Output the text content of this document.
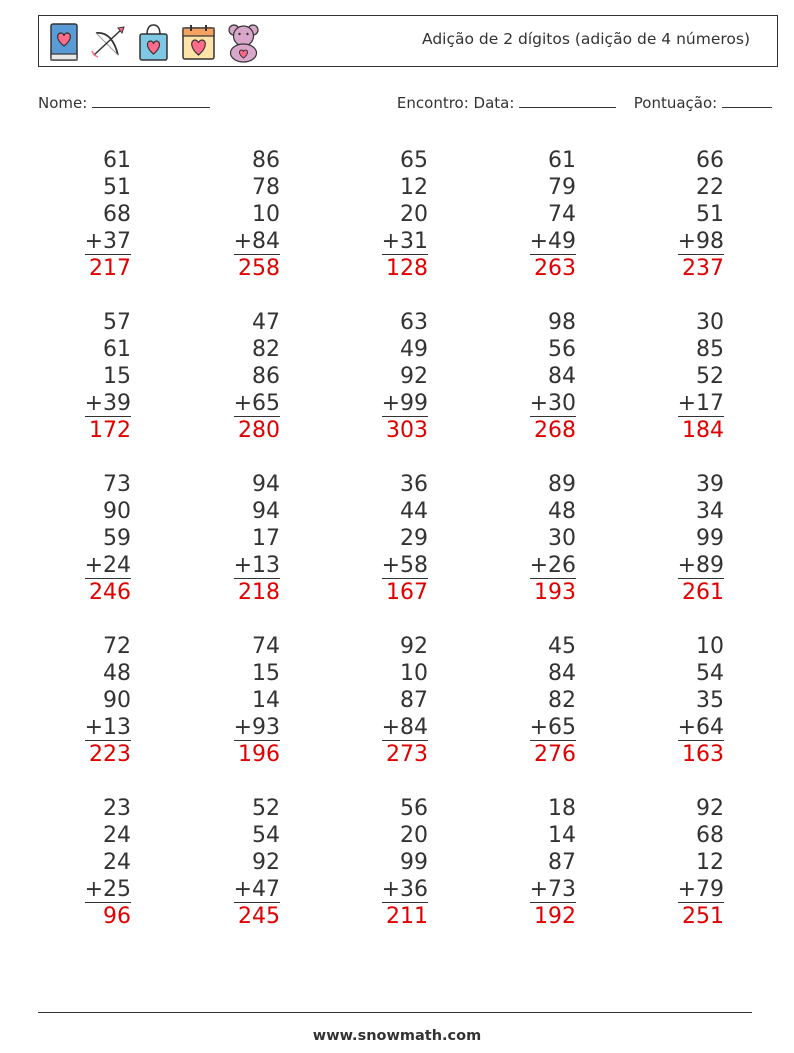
Adição de 2 dígitos (adição de 4 números)
Nome:	Encontro: Data:	Pontuação:
61
51
68
+37
217
86
78
10
+84
258
65
12
20
+31
128
61
79
74
+49
263
66
22
51
+98
237
57
61
15
+39
172
47
82
86
+65
280
63
49
92
+99
303
98
56
84
+30
268
30
85
52
+17
184
73
90
59
+24
246
94
94
17
+13
218
36
44
29
+58
167
89
48
30
+26
193
39
34
99
+89
261
72
48
90
+13
223
74
15
14
+93
196
92
10
87
+84
273
45
84
82
+65
276
10
54
35
+64
163
23
24
24
+25
96
52
54
92
+47
245
56
20
99
+36
211
18
14
87
+73
192
92
68
12
+79
251
www.snowmath.com
